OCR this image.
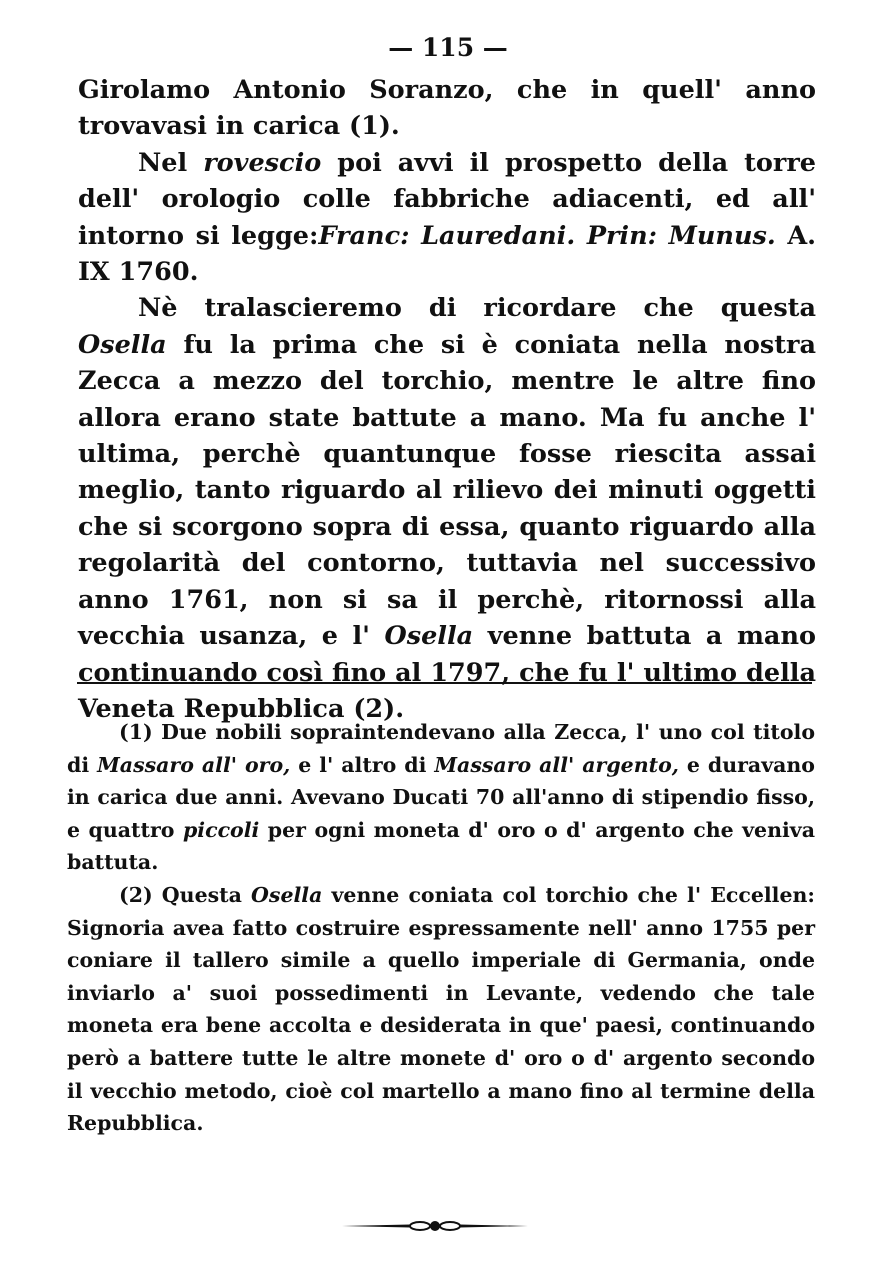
— 115 —

Girolamo Antonio Soranzo, che in quell' anno trovavasi in carica (1).

Nel rovescio poi avvi il prospetto della torre dell' orologio colle fabbriche adiacenti, ed all' intorno si legge:Franc: Lauredani. Prin: Munus. A. IX 1760.

Nè tralascieremo di ricordare che questa Osella fu la prima che si è coniata nella nostra Zecca a mezzo del torchio, mentre le altre fino allora erano state battute a mano. Ma fu anche l' ultima, perchè quantunque fosse riescita assai meglio, tanto riguardo al rilievo dei minuti oggetti che si scorgono sopra di essa, quanto riguardo alla regolarità del contorno, tuttavia nel successivo anno 1761, non si sa il perchè, ritornossi alla vecchia usanza, e l' Osella venne battuta a mano continuando così fino al 1797, che fu l' ultimo della Veneta Repubblica (2).

(1) Due nobili sopraintendevano alla Zecca, l' uno col titolo di Massaro all' oro, e l' altro di Massaro all' argento, e duravano in carica due anni. Avevano Ducati 70 all'anno di stipendio fisso, e quattro piccoli per ogni moneta d' oro o d' argento che veniva battuta.

(2) Questa Osella venne coniata col torchio che l' Eccellen: Signoria avea fatto costruire espressamente nell' anno 1755 per coniare il tallero simile a quello imperiale di Germania, onde inviarlo a' suoi possedimenti in Levante, vedendo che tale moneta era bene accolta e desiderata in que' paesi, continuando però a battere tutte le altre monete d' oro o d' argento secondo il vecchio metodo, cioè col martello a mano fino al termine della Repubblica.
